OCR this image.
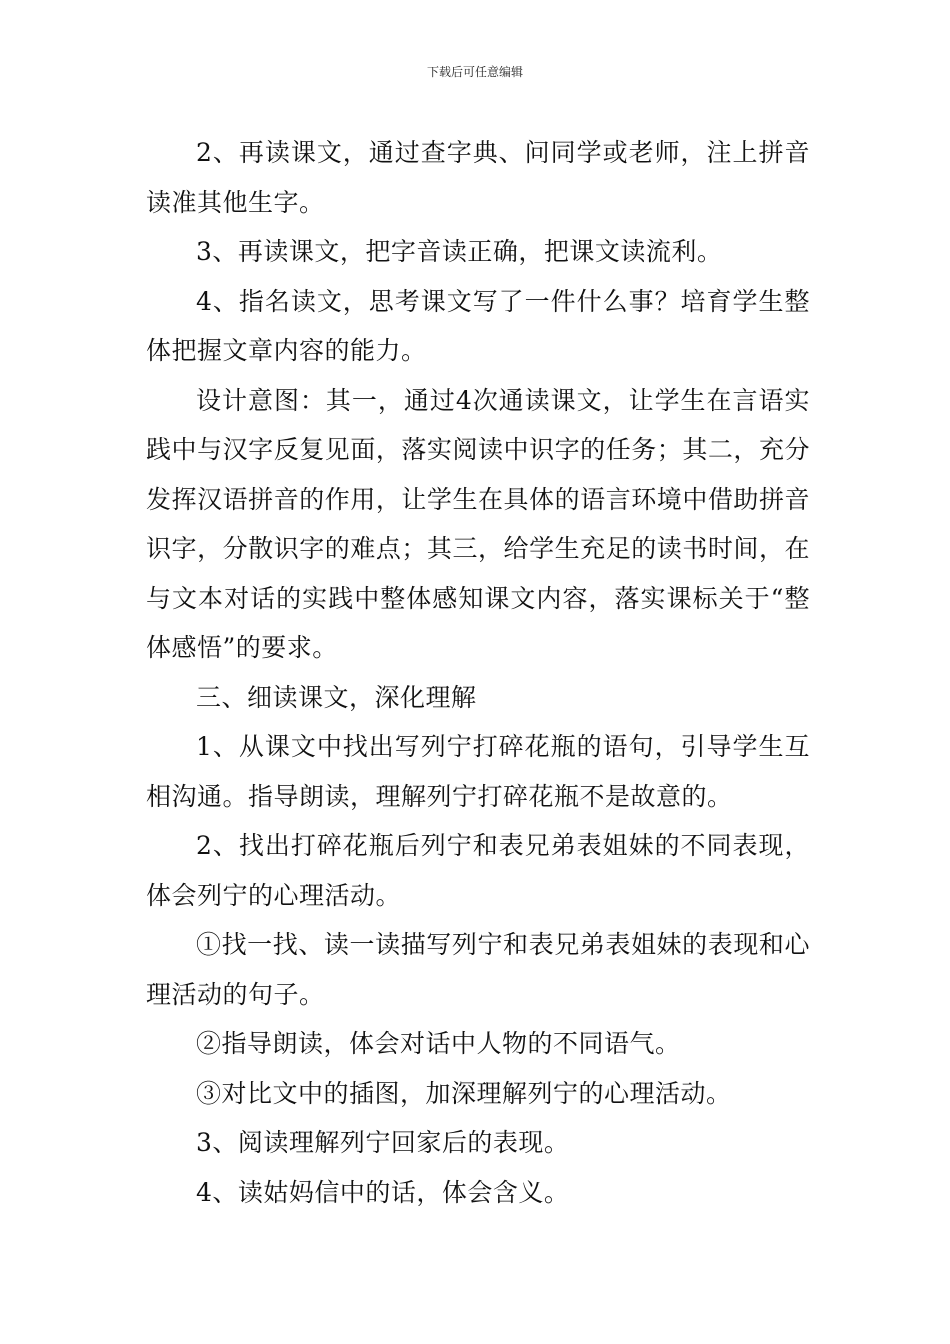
下载后可任意编辑

2、再读课文，通过查字典、问同学或老师，注上拼音读准其他生字。

3、再读课文，把字音读正确，把课文读流利。

4、指名读文，思考课文写了一件什么事？培育学生整体把握文章内容的能力。

设计意图：其一，通过4次通读课文，让学生在言语实践中与汉字反复见面，落实阅读中识字的任务；其二，充分发挥汉语拼音的作用，让学生在具体的语言环境中借助拼音识字，分散识字的难点；其三，给学生充足的读书时间，在与文本对话的实践中整体感知课文内容，落实课标关于“整体感悟”的要求。

三、细读课文，深化理解

1、从课文中找出写列宁打碎花瓶的语句，引导学生互相沟通。指导朗读，理解列宁打碎花瓶不是故意的。

2、找出打碎花瓶后列宁和表兄弟表姐妹的不同表现，体会列宁的心理活动。

①找一找、读一读描写列宁和表兄弟表姐妹的表现和心理活动的句子。

②指导朗读，体会对话中人物的不同语气。

③对比文中的插图，加深理解列宁的心理活动。

3、阅读理解列宁回家后的表现。

4、读姑妈信中的话，体会含义。
